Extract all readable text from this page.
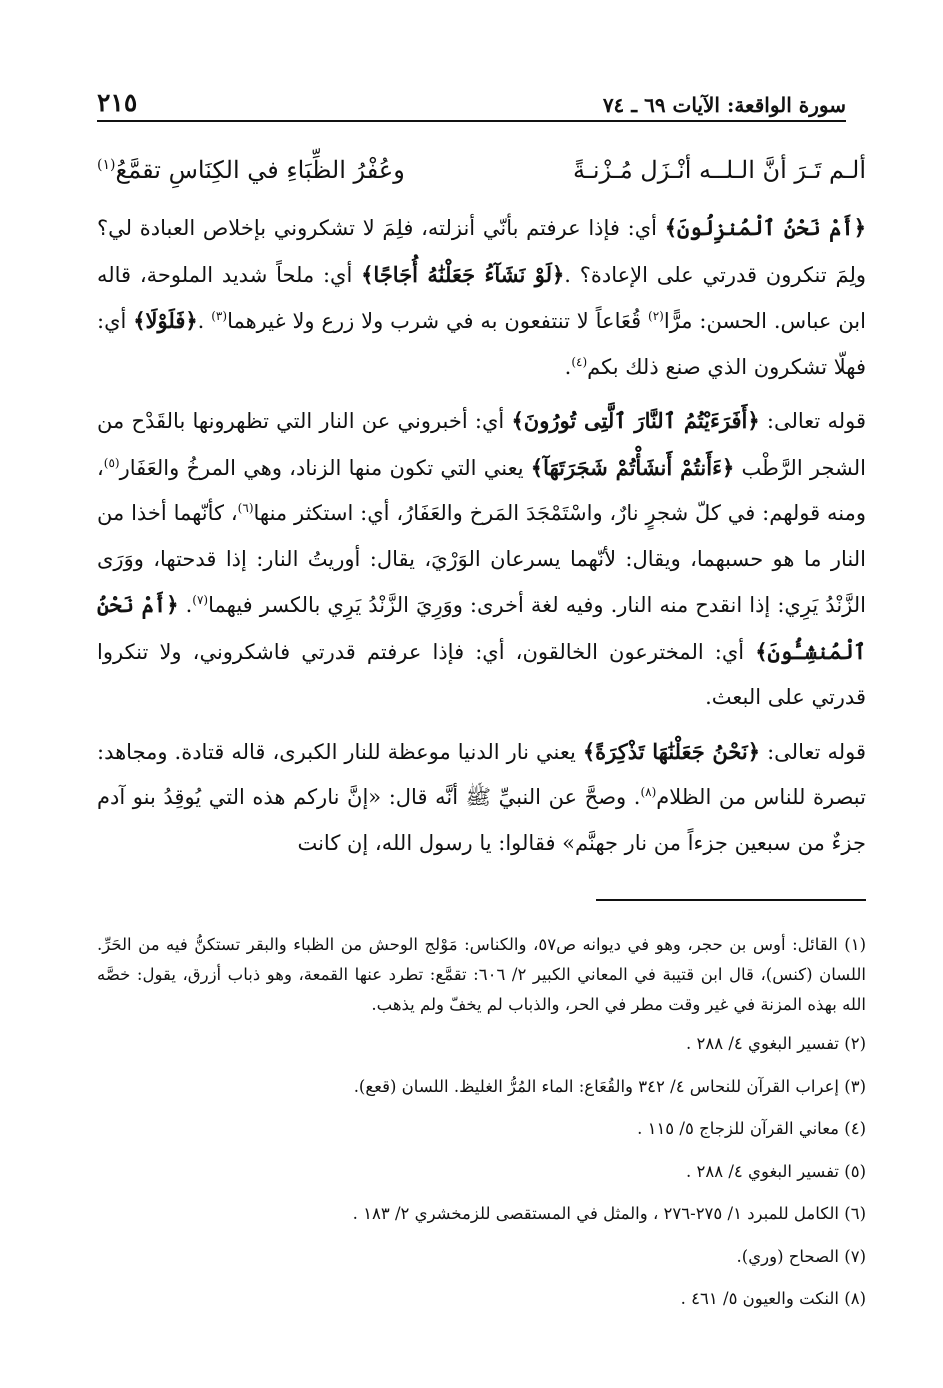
سورة الواقعة: الآيات ٦٩ ـ ٧٤
٢١٥
ألـم تَـرَ أنَّ الـلــه أنْـزَل مُـزْنـةً
وعُفْرُ الظِّبَاءِ في الكِنَاسِ تقمَّعُ$^{(١)}$

﴿أَمْ نَحْنُ ٱلْمُنزِلُونَ﴾ أي: فإذا عرفتم بأنّي أنزلته، فلِمَ لا تشكروني بإخلاص العبادة لي؟ ولِمَ تنكرون قدرتي على الإعادة؟ .﴿لَوْ نَشَآءُ جَعَلْنَٰهُ أُجَاجًا﴾ أي: ملحاً شديد الملوحة، قاله ابن عباس. الحسن: مرًّا$^{(٢)}$ قُعَاعاً لا تنتفعون به في شرب ولا زرع ولا غيرهما$^{(٣)}$ .﴿فَلَوْلَا﴾ أي: فهلّا تشكرون الذي صنع ذلك بكم$^{(٤)}$.

قوله تعالى: ﴿أَفَرَءَيْتُمُ ٱلنَّارَ ٱلَّتِى تُورُونَ﴾ أي: أخبروني عن النار التي تظهرونها بالقَدْح من الشجر الرَّطْب ﴿ءَأَنتُمْ أَنشَأْتُمْ شَجَرَتَهَآ﴾ يعني التي تكون منها الزناد، وهي المرخُ والعَفَار$^{(٥)}$، ومنه قولهم: في كلّ شجرٍ نارٌ، واسْتَمْجَدَ المَرخ والعَفَارُ، أي: استكثر منها$^{(٦)}$، كأنّهما أخذا من النار ما هو حسبهما، ويقال: لأنّهما يسرعان الوَرْيَ، يقال: أوريتُ النار: إذا قدحتها، ووَرَى الزَّنْدُ يَرِي: إذا انقدح منه النار. وفيه لغة أخرى: ووَرِيَ الزَّنْدُ يَرِي بالكسر فيهما$^{(٧)}$. ﴿أَمْ نَحْنُ ٱلْمُنشِـُٔونَ﴾ أي: المخترعون الخالقون، أي: فإذا عرفتم قدرتي فاشكروني، ولا تنكروا قدرتي على البعث.

قوله تعالى: ﴿نَحْنُ جَعَلْنَٰهَا تَذْكِرَةً﴾ يعني نار الدنيا موعظة للنار الكبرى، قاله قتادة. ومجاهد: تبصرة للناس من الظلام$^{(٨)}$. وصحَّ عن النبيِّ ﷺ أنَّه قال: «إنَّ ناركم هذه التي يُوقِدُ بنو آدم جزءٌ من سبعين جزءاً من نار جهنَّم» فقالوا: يا رسول الله، إن كانت

(١) القائل: أوس بن حجر، وهو في ديوانه ص٥٧، والكناس: مَوْلج الوحش من الظباء والبقر تستكنُّ فيه من الحَرِّ. اللسان (كنس)، قال ابن قتيبة في المعاني الكبير ٢/ ٦٠٦: تقمَّع: تطرد عنها القمعة، وهو ذباب أزرق، يقول: خصَّه الله بهذه المزنة في غير وقت مطر في الحر، والذباب لم يخفّ ولم يذهب.
(٢) تفسير البغوي ٤/ ٢٨٨ .
(٣) إعراب القرآن للنحاس ٤/ ٣٤٢ والقُعَاع: الماء المُرُّ الغليظ. اللسان (قعع).
(٤) معاني القرآن للزجاج ٥/ ١١٥ .
(٥) تفسير البغوي ٤/ ٢٨٨ .
(٦) الكامل للمبرد ١/ ٢٧٥-٢٧٦ ، والمثل في المستقصى للزمخشري ٢/ ١٨٣ .
(٧) الصحاح (وري).
(٨) النكت والعيون ٥/ ٤٦١ .
